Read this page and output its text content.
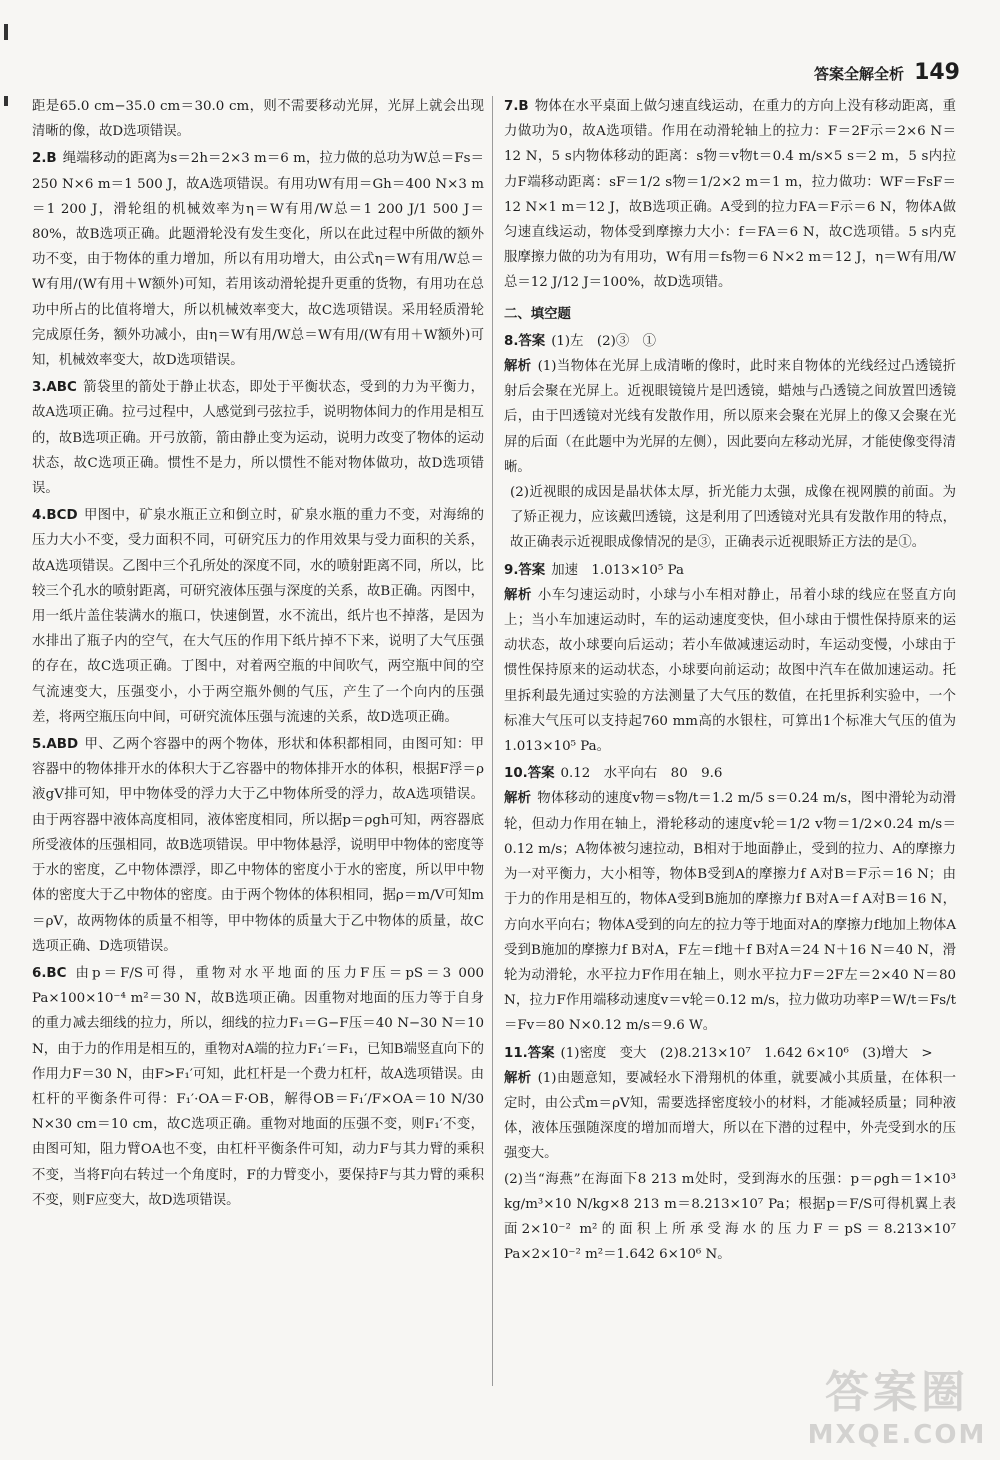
答案全解全析 149

距是65.0 cm−35.0 cm＝30.0 cm，则不需要移动光屏，光屏上就会出现清晰的像，故D选项错误。

2.B 绳端移动的距离为s＝2h＝2×3 m＝6 m，拉力做的总功为W总＝Fs＝250 N×6 m＝1 500 J，故A选项错误。有用功W有用＝Gh＝400 N×3 m＝1 200 J，滑轮组的机械效率为η＝W有用/W总＝1 200 J/1 500 J＝80%，故B选项正确。此题滑轮没有发生变化，所以在此过程中所做的额外功不变，由于物体的重力增加，所以有用功增大，由公式η＝W有用/W总＝W有用/(W有用＋W额外)可知，若用该动滑轮提升更重的货物，有用功在总功中所占的比值将增大，所以机械效率变大，故C选项错误。采用轻质滑轮完成原任务，额外功减小，由η＝W有用/W总＝W有用/(W有用＋W额外)可知，机械效率变大，故D选项错误。

3.ABC 箭袋里的箭处于静止状态，即处于平衡状态，受到的力为平衡力，故A选项正确。拉弓过程中，人感觉到弓弦拉手，说明物体间力的作用是相互的，故B选项正确。开弓放箭，箭由静止变为运动，说明力改变了物体的运动状态，故C选项正确。惯性不是力，所以惯性不能对物体做功，故D选项错误。

4.BCD 甲图中，矿泉水瓶正立和倒立时，矿泉水瓶的重力不变，对海绵的压力大小不变，受力面积不同，可研究压力的作用效果与受力面积的关系，故A选项错误。乙图中三个孔所处的深度不同，水的喷射距离不同，所以，比较三个孔水的喷射距离，可研究液体压强与深度的关系，故B正确。丙图中，用一纸片盖住装满水的瓶口，快速倒置，水不流出，纸片也不掉落，是因为水排出了瓶子内的空气，在大气压的作用下纸片掉不下来，说明了大气压强的存在，故C选项正确。丁图中，对着两空瓶的中间吹气，两空瓶中间的空气流速变大，压强变小，小于两空瓶外侧的气压，产生了一个向内的压强差，将两空瓶压向中间，可研究流体压强与流速的关系，故D选项正确。

5.ABD 甲、乙两个容器中的两个物体，形状和体积都相同，由图可知：甲容器中的物体排开水的体积大于乙容器中的物体排开水的体积，根据F浮＝ρ液gV排可知，甲中物体受的浮力大于乙中物体所受的浮力，故A选项错误。由于两容器中液体高度相同，液体密度相同，所以据p＝ρgh可知，两容器底所受液体的压强相同，故B选项错误。甲中物体悬浮，说明甲中物体的密度等于水的密度，乙中物体漂浮，即乙中物体的密度小于水的密度，所以甲中物体的密度大于乙中物体的密度。由于两个物体的体积相同，据ρ＝m/V可知m＝ρV，故两物体的质量不相等，甲中物体的质量大于乙中物体的质量，故C选项正确、D选项错误。

6.BC 由p＝F/S可得，重物对水平地面的压力F压＝pS＝3 000 Pa×100×10⁻⁴ m²＝30 N，故B选项正确。因重物对地面的压力等于自身的重力减去细线的拉力，所以，细线的拉力F₁＝G−F压＝40 N−30 N＝10 N，由于力的作用是相互的，重物对A端的拉力F₁′＝F₁，已知B端竖直向下的作用力F＝30 N，由F>F₁′可知，此杠杆是一个费力杠杆，故A选项错误。由杠杆的平衡条件可得：F₁′·OA＝F·OB，解得OB＝F₁′/F×OA＝10 N/30 N×30 cm＝10 cm，故C选项正确。重物对地面的压强不变，则F₁′不变，由图可知，阻力臂OA也不变，由杠杆平衡条件可知，动力F与其力臂的乘积不变，当将F向右转过一个角度时，F的力臂变小，要保持F与其力臂的乘积不变，则F应变大，故D选项错误。

7.B 物体在水平桌面上做匀速直线运动，在重力的方向上没有移动距离，重力做功为0，故A选项错。作用在动滑轮轴上的拉力：F＝2F示＝2×6 N＝12 N，5 s内物体移动的距离：s物＝v物t＝0.4 m/s×5 s＝2 m，5 s内拉力F端移动距离：sF＝1/2 s物＝1/2×2 m＝1 m，拉力做功：WF＝FsF＝12 N×1 m＝12 J，故B选项正确。A受到的拉力FA＝F示＝6 N，物体A做匀速直线运动，物体受到摩擦力大小：f＝FA＝6 N，故C选项错。5 s内克服摩擦力做的功为有用功，W有用＝fs物＝6 N×2 m＝12 J，η＝W有用/W总＝12 J/12 J＝100%，故D选项错。

二、填空题

8.答案 (1)左　(2)③　①

解析 (1)当物体在光屏上成清晰的像时，此时来自物体的光线经过凸透镜折射后会聚在光屏上。近视眼镜镜片是凹透镜，蜡烛与凸透镜之间放置凹透镜后，由于凹透镜对光线有发散作用，所以原来会聚在光屏上的像又会聚在光屏的后面（在此题中为光屏的左侧），因此要向左移动光屏，才能使像变得清晰。

(2)近视眼的成因是晶状体太厚，折光能力太强，成像在视网膜的前面。为了矫正视力，应该戴凹透镜，这是利用了凹透镜对光具有发散作用的特点，故正确表示近视眼成像情况的是③，正确表示近视眼矫正方法的是①。

9.答案 加速　1.013×10⁵ Pa

解析 小车匀速运动时，小球与小车相对静止，吊着小球的线应在竖直方向上；当小车加速运动时，车的运动速度变快，但小球由于惯性保持原来的运动状态，故小球要向后运动；若小车做减速运动时，车运动变慢，小球由于惯性保持原来的运动状态，小球要向前运动；故图中汽车在做加速运动。托里拆利最先通过实验的方法测量了大气压的数值，在托里拆利实验中，一个标准大气压可以支持起760 mm高的水银柱，可算出1个标准大气压的值为1.013×10⁵ Pa。

10.答案 0.12　水平向右　80　9.6

解析 物体移动的速度v物＝s物/t＝1.2 m/5 s＝0.24 m/s，图中滑轮为动滑轮，但动力作用在轴上，滑轮移动的速度v轮＝1/2 v物＝1/2×0.24 m/s＝0.12 m/s；A物体被匀速拉动，B相对于地面静止，受到的拉力、A的摩擦力为一对平衡力，大小相等，物体B受到A的摩擦力f A对B＝F示＝16 N；由于力的作用是相互的，物体A受到B施加的摩擦力f B对A＝f A对B＝16 N，方向水平向右；物体A受到的向左的拉力等于地面对A的摩擦力f地加上物体A受到B施加的摩擦力f B对A，F左＝f地＋f B对A＝24 N＋16 N＝40 N，滑轮为动滑轮，水平拉力F作用在轴上，则水平拉力F＝2F左＝2×40 N＝80 N，拉力F作用端移动速度v＝v轮＝0.12 m/s，拉力做功功率P＝W/t＝Fs/t＝Fv＝80 N×0.12 m/s＝9.6 W。

11.答案 (1)密度　变大　(2)8.213×10⁷　1.642 6×10⁶　(3)增大　>

解析 (1)由题意知，要减轻水下滑翔机的体重，就要减小其质量，在体积一定时，由公式m＝ρV知，需要选择密度较小的材料，才能减轻质量；同种液体，液体压强随深度的增加而增大，所以在下潜的过程中，外壳受到水的压强变大。

(2)当“海燕”在海面下8 213 m处时，受到海水的压强：p＝ρgh＝1×10³ kg/m³×10 N/kg×8 213 m＝8.213×10⁷ Pa；根据p＝F/S可得机翼上表面2×10⁻² m²的面积上所承受海水的压力F＝pS＝8.213×10⁷ Pa×2×10⁻² m²＝1.642 6×10⁶ N。

答案圈
MXQE.COM
